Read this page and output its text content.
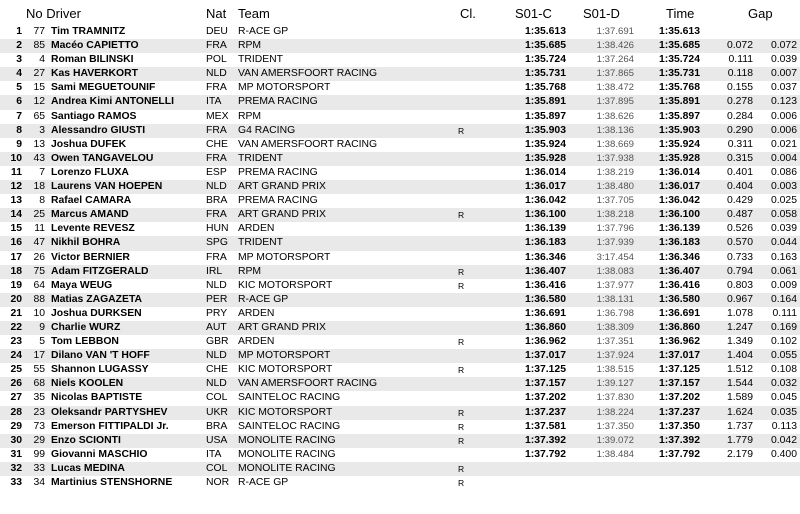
No Driver	Nat Team	Cl.	S01-C S01-D	Time	Gap
1	77 Tim TRAMNITZ	DEU R-ACE GP	1:35.613	1:37.691	1:35.613
2	85 Macéo CAPIETTO	FRA RPM	1:35.685	1:38.426	1:35.685	0.072	0.072
3	4 Roman BILINSKI	POL TRIDENT	1:35.724	1:37.264	1:35.724	0.111	0.039
4	27 Kas HAVERKORT	NLD VAN AMERSFOORT RACING	1:35.731	1:37.865	1:35.731	0.118	0.007
5	15 Sami MEGUETOUNIF	FRA MP MOTORSPORT	1:35.768	1:38.472	1:35.768	0.155	0.037
6	12 Andrea Kimi ANTONELLI	ITA PREMA RACING	1:35.891	1:37.895	1:35.891	0.278	0.123
7	65 Santiago RAMOS	MEX RPM	1:35.897	1:38.626	1:35.897	0.284	0.006
8	3 Alessandro GIUSTI	FRA G4 RACING	R	1:35.903	1:38.136	1:35.903	0.290	0.006
9	13 Joshua DUFEK	CHE VAN AMERSFOORT RACING	1:35.924	1:38.669	1:35.924	0.311	0.021
10	43 Owen TANGAVELOU	FRA TRIDENT	1:35.928	1:37.938	1:35.928	0.315	0.004
11	7 Lorenzo FLUXA	ESP PREMA RACING	1:36.014	1:38.219	1:36.014	0.401	0.086
12	18 Laurens VAN HOEPEN	NLD ART GRAND PRIX	1:36.017	1:38.480	1:36.017	0.404	0.003
13	8 Rafael CAMARA	BRA PREMA RACING	1:36.042	1:37.705	1:36.042	0.429	0.025
14	25 Marcus AMAND	FRA ART GRAND PRIX	R	1:36.100	1:38.218	1:36.100	0.487	0.058
15	11 Levente REVESZ	HUN ARDEN	1:36.139	1:37.796	1:36.139	0.526	0.039
16	47 Nikhil BOHRA	SPG TRIDENT	1:36.183	1:37.939	1:36.183	0.570	0.044
17	26 Victor BERNIER	FRA MP MOTORSPORT	1:36.346	3:17.454	1:36.346	0.733	0.163
18	75 Adam FITZGERALD	IRL RPM	R	1:36.407	1:38.083	1:36.407	0.794	0.061
19	64 Maya WEUG	NLD KIC MOTORSPORT	R	1:36.416	1:37.977	1:36.416	0.803	0.009
20	88 Matias ZAGAZETA	PER R-ACE GP	1:36.580	1:38.131	1:36.580	0.967	0.164
21	10 Joshua DURKSEN	PRY ARDEN	1:36.691	1:36.798	1:36.691	1.078	0.111
22	9 Charlie WURZ	AUT ART GRAND PRIX	1:36.860	1:38.309	1:36.860	1.247	0.169
23	5 Tom LEBBON	GBR ARDEN	R	1:36.962	1:37.351	1:36.962	1.349	0.102
24	17 Dilano VAN 'T HOFF	NLD MP MOTORSPORT	1:37.017	1:37.924	1:37.017	1.404	0.055
25	55 Shannon LUGASSY	CHE KIC MOTORSPORT	R	1:37.125	1:38.515	1:37.125	1.512	0.108
26	68 Niels KOOLEN	NLD VAN AMERSFOORT RACING	1:37.157	1:39.127	1:37.157	1.544	0.032
27	35 Nicolas BAPTISTE	COL SAINTELOC RACING	1:37.202	1:37.830	1:37.202	1.589	0.045
28	23 Oleksandr PARTYSHEV	UKR KIC MOTORSPORT	R	1:37.237	1:38.224	1:37.237	1.624	0.035
29	73 Emerson FITTIPALDI Jr.	BRA SAINTELOC RACING	R	1:37.581	1:37.350	1:37.350	1.737	0.113
30	29 Enzo SCIONTI	USA MONOLITE RACING	R	1:37.392	1:39.072	1:37.392	1.779	0.042
31	99 Giovanni MASCHIO	ITA MONOLITE RACING	1:37.792	1:38.484	1:37.792	2.179	0.400
32	33 Lucas MEDINA	COL MONOLITE RACING	R
33	34 Martinius STENSHORNE	NOR R-ACE GP	R
